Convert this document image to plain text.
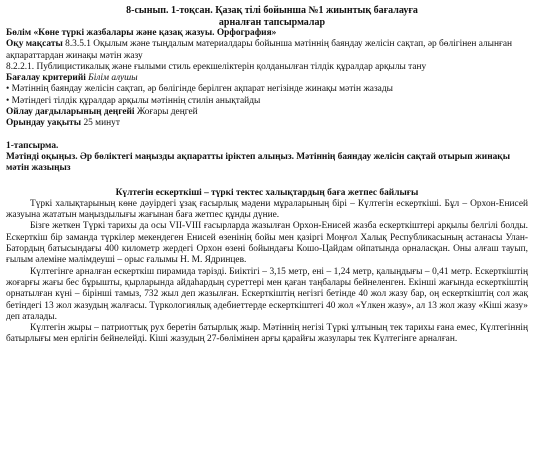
8-сынып. 1-тоқсан. Қазақ тілі бойынша №1 жиынтық бағалауға
арналған тапсырмалар

Бөлім «Көне түркі жазбалары және қазақ жазуы. Орфография»

Оқу мақсаты 8.3.5.1 Оқылым және тыңдалым материалдары бойынша мәтіннің баяндау желісін сақтап, әр бөлігінен алынған ақпараттардан жинақы мәтін жазу

8.2.2.1. Публицистикалық және ғылыми стиль ерекшеліктерін қолданылған тілдік құралдар арқылы тану

Бағалау критерийі Білім алушы

• Мәтіннің баяндау желісін сақтап, әр бөлігінде берілген ақпарат негізінде жинақы мәтін жазады

• Мәтіндегі тілдік құралдар арқылы мәтіннің стилін анықтайды

Ойлау дағдыларының деңгейі Жоғары деңгей

Орындау уақыты 25 минут

1-тапсырма.

Мәтінді оқыңыз. Әр бөліктегі маңызды ақпаратты іріктеп алыңыз. Мәтіннің баяндау желісін сақтай отырып жинақы мәтін жазыңыз

Күлтегін ескерткіші – түркі тектес халықтардың баға жетпес байлығы

Түркі халықтарының көне дәуірдегі ұзақ ғасырлық мәдени мұраларының бірі – Күлтегін ескерткіші. Бұл – Орхон-Енисей жазуына жататын маңыздылығы жағынан баға жетпес құнды дүние.

Бізге жеткен Түркі тарихы да осы VII-VIII ғасырларда жазылған Орхон-Енисей жазба ескерткіштері арқылы белгілі болды. Ескерткіш бір заманда түркілер мекендеген Енисей өзенінің бойы мен қазіргі Моңғол Халық Республикасының астанасы Улан-Батордың батысындағы 400 километр жердегі Орхон өзені бойындағы Кошо-Цайдам ойпатында орналасқан. Оны алғаш тауып, ғылым әлеміне мәлімдеуші – орыс ғалымы Н. М. Ядринцев.

Күлтегінге арналған ескерткіш пирамида тәрізді. Биіктігі – 3,15 метр, ені – 1,24 метр, қалыңдығы – 0,41 метр. Ескерткіштің жоғарғы жағы бес бұрышты, қырларында айдаһардың суреттері мен қаған таңбалары бейнеленген. Екінші жағында ескерткіштің орнатылған күні – бірінші тамыз, 732 жыл деп жазылған. Ескерткіштің негізгі бетінде 40 жол жазу бар, оң ескерткіштің сол жақ бетіндегі 13 жол жазудың жалғасы. Түркологиялық әдебиеттерде ескерткіштегі 40 жол «Үлкен жазу», ал 13 жол жазу «Кіші жазу» деп аталады.

Күлтегін жыры – патриоттық рух беретін батырлық жыр. Мәтіннің негізі Түркі ұлтының тек тарихы ғана емес, Күлтегіннің батырлығы мен ерлігін бейнелейді. Кіші жазудың 27-бөлімінен арғы қарайғы жазулары тек Күлтегінге арналған.
